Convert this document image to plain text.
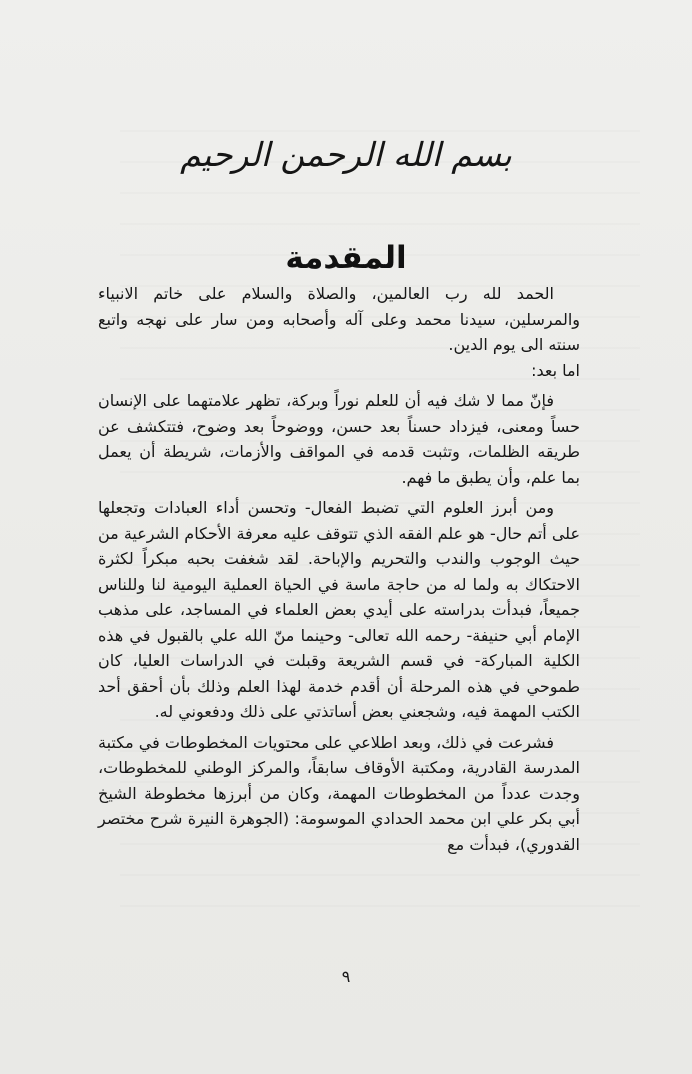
بسم الله الرحمن الرحيم
المقدمة

الحمد لله رب العالمين، والصلاة والسلام على خاتم الانبياء والمرسلين، سيدنا محمد وعلى آله وأصحابه ومن سار على نهجه واتبع سنته الى يوم الدين.

اما بعد:

فإنّ مما لا شك فيه أن للعلم نوراً وبركة، تظهر علامتهما على الإنسان حساً ومعنى، فيزداد حسناً بعد حسن، ووضوحاً بعد وضوح، فتتكشف عن طريقه الظلمات، وتثبت قدمه في المواقف والأزمات، شريطة أن يعمل بما علم، وأن يطبق ما فهم.

ومن أبرز العلوم التي تضبط الفعال- وتحسن أداء العبادات وتجعلها على أتم حال- هو علم الفقه الذي تتوقف عليه معرفة الأحكام الشرعية من حيث الوجوب والندب والتحريم والإباحة. لقد شغفت بحبه مبكراً لكثرة الاحتكاك به ولما له من حاجة ماسة في الحياة العملية اليومية لنا وللناس جميعاً، فبدأت بدراسته على أيدي بعض العلماء في المساجد، على مذهب الإمام أبي حنيفة- رحمه الله تعالى- وحينما منّ الله علي بالقبول في هذه الكلية المباركة- في قسم الشريعة وقبلت في الدراسات العليا، كان طموحي في هذه المرحلة أن أقدم خدمة لهذا العلم وذلك بأن أحقق أحد الكتب المهمة فيه، وشجعني بعض أساتذتي على ذلك ودفعوني له.

فشرعت في ذلك، وبعد اطلاعي على محتويات المخطوطات في مكتبة المدرسة القادرية، ومكتبة الأوقاف سابقاً، والمركز الوطني للمخطوطات، وجدت عدداً من المخطوطات المهمة، وكان من أبرزها مخطوطة الشيخ أبي بكر علي ابن محمد الحدادي الموسومة: (الجوهرة النيرة شرح مختصر القدوري)، فبدأت مع

٩
